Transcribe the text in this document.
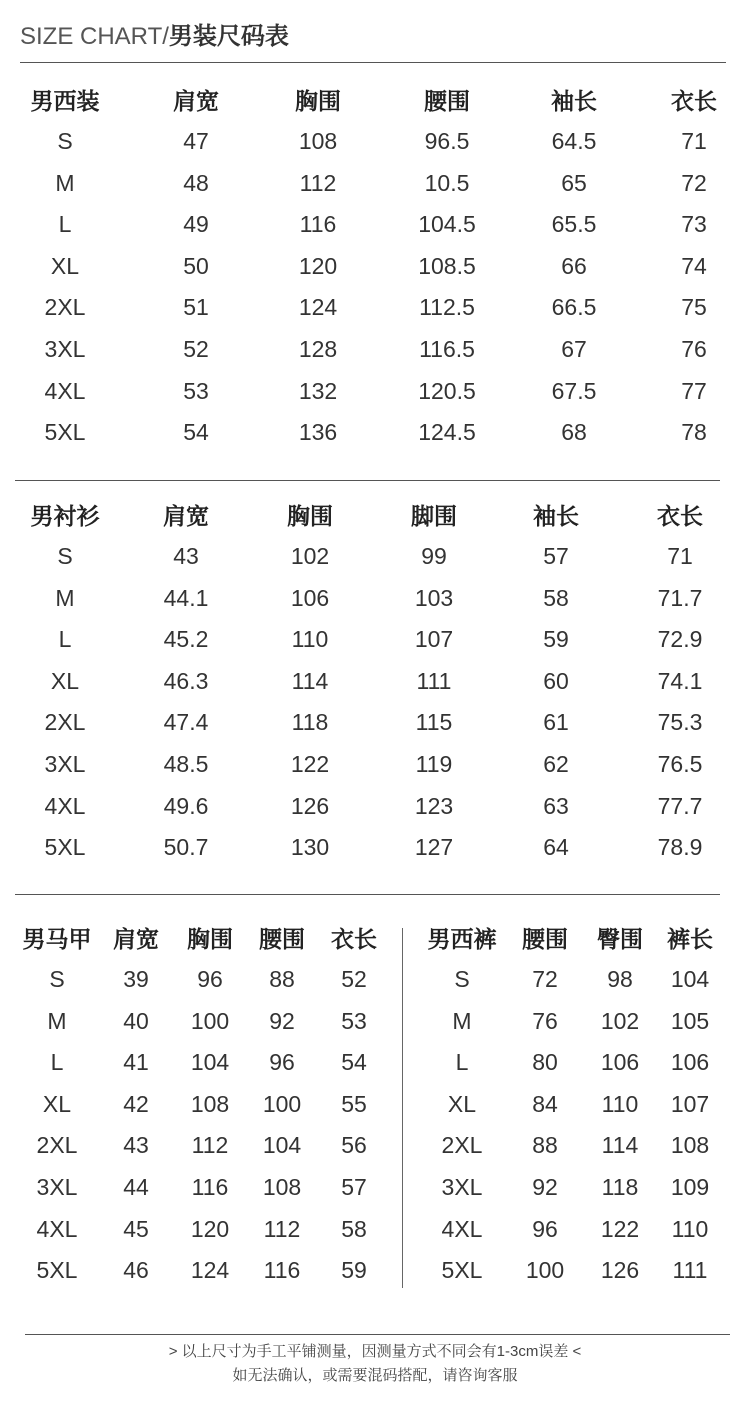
SIZE CHART/男装尺码表
男西装	肩宽	胸围	腰围	袖长	衣长
S	47	108	96.5	64.5	71
M	48	112	10.5	65	72
L	49	116	104.5	65.5	73
XL	50	120	108.5	66	74
2XL	51	124	112.5	66.5	75
3XL	52	128	116.5	67	76
4XL	53	132	120.5	67.5	77
5XL	54	136	124.5	68	78
男衬衫	肩宽	胸围	脚围	袖长	衣长
S	43	102	99	57	71
M	44.1	106	103	58	71.7
L	45.2	110	107	59	72.9
XL	46.3	114	111	60	74.1
2XL	47.4	118	115	61	75.3
3XL	48.5	122	119	62	76.5
4XL	49.6	126	123	63	77.7
5XL	50.7	130	127	64	78.9
男马甲 肩宽	胸围	腰围	衣长
S	39	96	88	52
M	40	100	92	53
L	41	104	96	54
XL	42	108	100	55
2XL	43	112	104	56
3XL	44	116	108	57
4XL	45	120	112	58
5XL	46	124	116	59
男西裤	腰围	臀围	裤长
S	72	98	104
M	76	102	105
L	80	106	106
XL	84	110	107
2XL	88	114	108
3XL	92	118	109
4XL	96	122	110
5XL	100	126	111
> 以上尺寸为手工平铺测量，因测量方式不同会有1-3cm误差 <
如无法确认，或需要混码搭配，请咨询客服
